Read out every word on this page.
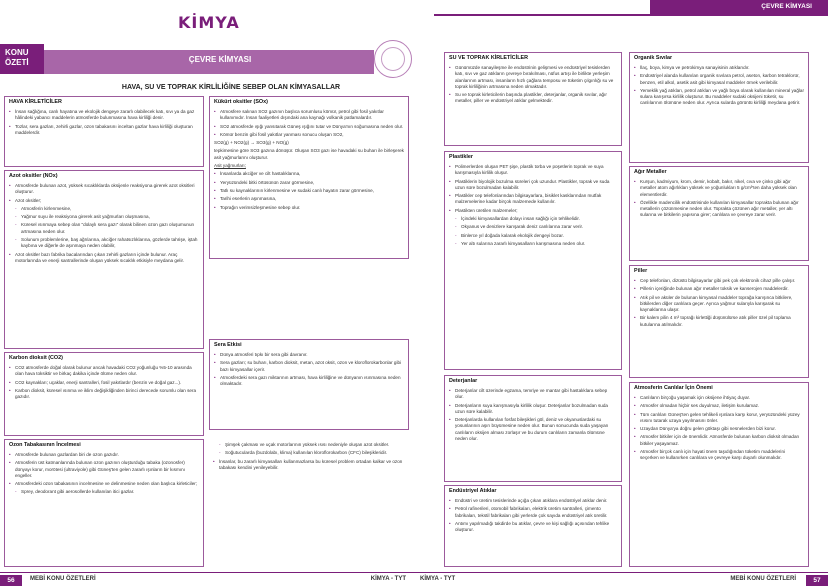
KİMYA
KONU ÖZETİ	ÇEVRE KİMYASI
HAVA, SU VE TOPRAK KİRLİLİĞİNE SEBEP OLAN KİMYASALLAR
HAVA KİRLETİCİLER
• İnsan sağlığına, canlı hayatına ve ekolojik dengeye zararlı olabilecek katı, sıvı ya da gaz hâlindeki yabancı maddelerin atmosferde bulunmasına hava kirliliği denir.
• Tozlar, sera gazları, zehirli gazlar, ozon tabakasını inceltan gazlar hava kirliliği oluşturan maddelerdir.
Azot oksitler (NOx)
• Atmosferde bulunan azot, yüksek sıcaklıklarda oksijenle reaksiyona girerek azot oksitleri oluşturur.
• Azot oksitler;
- Atmosferin kirlenmesine,
- Yağmur suyu ile reaksiyona girerek asit yağmurları oluşmasına,
- Küresel ısınmaya sebep olan "dolaylı sera gazı" olarak bilinen ozon gazı oluşumunun artmasına neden olur.
- Solunum problemlerine, baş ağrılarına, akciğer rahatsızlıklarına, gözlerde tahrişe, iştah kaybına ve diğerle de aşınmaya neden olabilir,
• Azot oksitler bazı fabrika bacalarından çıkan zehirli gazların içinde bulunur. Araç motorlarında ve enerji santrallerinde oluşan yüksek sıcaklık etkisiyle meydana gelir.
Karbon dioksit (CO2)
• CO2 atmosferde doğal olarak bulunur ancak havadaki CO2 yoğunluğu %5-10 arasında olan hava toksiktir ve birkaç dakika içinde ölüme neden olur.
• CO2 kaynakları; uçaklar, enerji santralleri, fosil yakıtlardır (benzin ve doğal gaz...).
• Karbon dioksit, küresel ısınma ve iklim değişikliğinden birinci derecede sorumlu olan sera gazıdır.
Ozon Tabakasının İncelmesi
• Atmosferde bulunan gazlardan biri de ozon gazıdır.
• Atmosferin üst katmanlarında bulunan ozon gazının oluşturduğu tabaka (ozonosfer) dünyayı korur, morötesi (ultraviyole) gibi Güneş'ten gelen zararlı ışınların bir kısmını engeller.
• Atmosferdeki ozon tabakasının incelmesine ve delinmesine neden olan başlıca kirleticiler;
- Sprey, deodorant gibi aerosollerde kullanılan itici gazlar.
Kükürt oksitler (SOx)
• Atmosfere salınan SO2 gazının başlıca sorumlusu kömür, petrol gibi fosil yakıtlar kullanımıdır. İnsan faaliyetleri dışındaki ana kaynağı volkanik patlamalardır.
• SO2 atmosferde ışığı yansıtarak Güneş ışığını tutar ve Dünya'nın soğumasına neden olur.
• Kömür benzin gibi fosil yakıtlar yanması sonucu oluşan SO2,
SO2(g) + NO2(g) → SO3(g) + NO(g)
tepkimesine göre SO3 gazına dönüşür. Oluşan SO3 gazı ise havadaki su buharı ile birleşerek asit yağmurlarını oluşturur.
Asit yağmurları;
• İnsanlarda akciğer ve cilt hastalıklarına,
• Yeryüzündeki bitki örtüsünün zarar görmesine,
• Tatlı su kaynaklarının kirlenmesine ve sudaki canlı hayatın zarar görmesine,
• Tarihi eserlerin aşınmasına,
• Toprağın verimsizleşmesine sebep olur.
Sera Etkisi
• Dünya atmosferi tıpkı bir sera gibi davranır.
• Sera gazları; su buharı, karbon dioksit, metan, azot oksit, ozon ve kloroflorokarbonlar gibi bazı kimyasallar içerir.
• Atmosferdeki sera gazı miktarının artması, hava kirliliğine ve dünyanın ısınmasına neden olmaktadır.
- Şimşek çakması ve uçak motorlarının yüksek ısısı nedeniyle oluşan azot oksitler.
- Soğutucularda (buzdolabı, klima) kullanılan kloroflorokarbon (CFC) bileşikleridir.
• İnsanlar, bu zararlı kimyasalları kullanmazlarsa bu küresel problem ortadan kalkar ve ozon tabakası kendini yenileyebilir.
56	MEBİ KONU ÖZETLERİ	KİMYA - TYT
ÇEVRE KİMYASI
SU VE TOPRAK KİRLETİCİLER
• Günümüzde sanayileşme ile endüstrinin gelişmesi ve endüstriyel tesislerden katı, sıvı ve gaz atıkların çevreye bırakılması, nüfus artışı ile birlikte yerleşim alanlarının artması, insanların hızlı çağlara temposu ve tüketim çılgınlığı su ve toprak kirliliğinin artmasına neden olmaktadır.
• Su ve toprak kirleticilerin başında plastikler, deterjanlar, organik sıvılar, ağır metaller, piller ve endüstriyel atıklar gelmektedir.
Plastikler
• Polimerlerden oluşan PET şişe, plastik torba ve poşetlerin toprak ve suya karışmasıyla kirlilik oluşur.
• Plastiklerin biyolojik bozulma süreleri çok uzundur. Plastikler, toprak ve suda uzun süre bozulmadan kalabilir.
• Plastikler cep telefonlarından bilgisayarlara, bisiklet kasklarından mutfak malzemelerine kadar birçok malzemede kullanılır.
• Plastikten üretilen malzemeler;
- İçindeki kimyasallardan dolayı insan sağlığı için tehlikelidir.
- Okyanus ve denizlere karışarak deniz canlılarına zarar verir.
- Binlerce yıl doğada kalarak ekolojik dengeyi bozar.
- Yer altı sularına zararlı kimyasalların karışmasına neden olur.
Deterjanlar
• Deterjanlar cilt üzerinde egzama, temriye ve mantar gibi hastalıklara sebep olur.
• Deterjanların suya karışmasıyla kirlilik oluşur. Deterjanlar bozulmadan suda uzun süre kalabilir.
• Deterjanlarda kullanılan fosfat bileşikleri göl, deniz ve okyanuslardaki su yosunlarının aşırı büyümesine neden olur. Bunun sonucunda suda yaşayan canlıların oksijen alması zorlaşır ve bu durum canlıların zamanla ölümüne neden olur.
Endüstriyel Atıklar
• Endüstri ve üretim tesislerinde açığa çıkan atıklara endüstriyel atıklar denir.
• Petrol rafinerileri, otomobil fabrikaları, elektrik üretim santralleri, çimento fabrikaları, tekstil fabrikaları gibi yerlerde çok sayıda endüstriyel atık üretilir.
• Antımı yapılmadığı takdirde bu atıklar, çevre ve kişi sağlığı açısından tehlike oluşturur.
Organik Sıvılar
• İlaç, boya, kimya ve petrokimya sanayisinin atıklarıdır.
• Endüstriyel alanda kullanılan organik sıvılara petrol, aseton, karbon tetraklorür, benzen, etil alkol, asetik asit gibi kimyasal maddeler örnek verilebilir.
• Yemeklik yağ atıkları, petrol atıkları ve yağlı boya olarak kullanılan mineral yağlar sulara karışırsa kirlilik oluşturur. Bu maddeler sudaki oksijeni tüketir, su canlılarının ölümüne neden olur. Ayrıca sularda görüntü kirliliği meydana getirir.
Ağır Metaller
• Kurşun, kadmiyum, krom, demir, kobalt, bakır, nikel, cıva ve çinko gibi ağır metaller atom ağırlıkları yüksek ve yoğunlukları 5 g/cm³'ten daha yüksek olan elementlerdir.
• Özellikle madencilik endüstrisinde kullanılan kimyasallar toprakta bulunan ağır metallerin çözünmesine neden olur. Toprakta çözünen ağır metaller, yer altı sularına ve bitkilerin yapısına girer; canlılara ve çevreye zarar verir.
Piller
• Cep telefonları, dizüstü bilgisayarlar gibi pek çok elektronik cihaz pille çalışır.
• Pillerin içeriğinde bulunan ağır metaller toksik ve kanserojen maddelerdir.
• Atık pil ve aküler de bulunan kimyasal maddeler toprağa karışınca bitkilere, bitkilerden diğer canlılara geçer. Ayrıca yağmur sularıyla karışarak su kaynaklarına ulaşır.
• Bir kalem pilin 4 m³ toprağı kirlettiği düşünülürse atık piller özel pil toplama kutularına atılmalıdır.
Atmosferin Canlılar İçin Önemi
• Canlıların birçoğu yaşamak için oksijene ihtiyaç duyar.
• Atmosfer olmadan hiçbir ses duyulmaz, iletişim kurulamaz.
• Tüm canlıları Güneş'ten gelen tehlikeli ışınlara karşı korur, yeryüzündeki yüzey ısısını tutarak uzaya yayılmasını önler.
• Uzaydan Dünya'ya doğru gelen göktaşı gibi nesnelerden bizi korur.
• Atmosfer bitkiler için de önemlidir. Atmosferde bulunan karbon dioksit olmadan bitkiler yaşayamaz.
• Atmosfer birçok canlı için hayati önem taşıdığından tüketim maddelerini seçerken ve kullanırken canlılara ve çevreye karşı duyarlı olunmalıdır.
KİMYA - TYT	MEBİ KONU ÖZETLERİ	57
